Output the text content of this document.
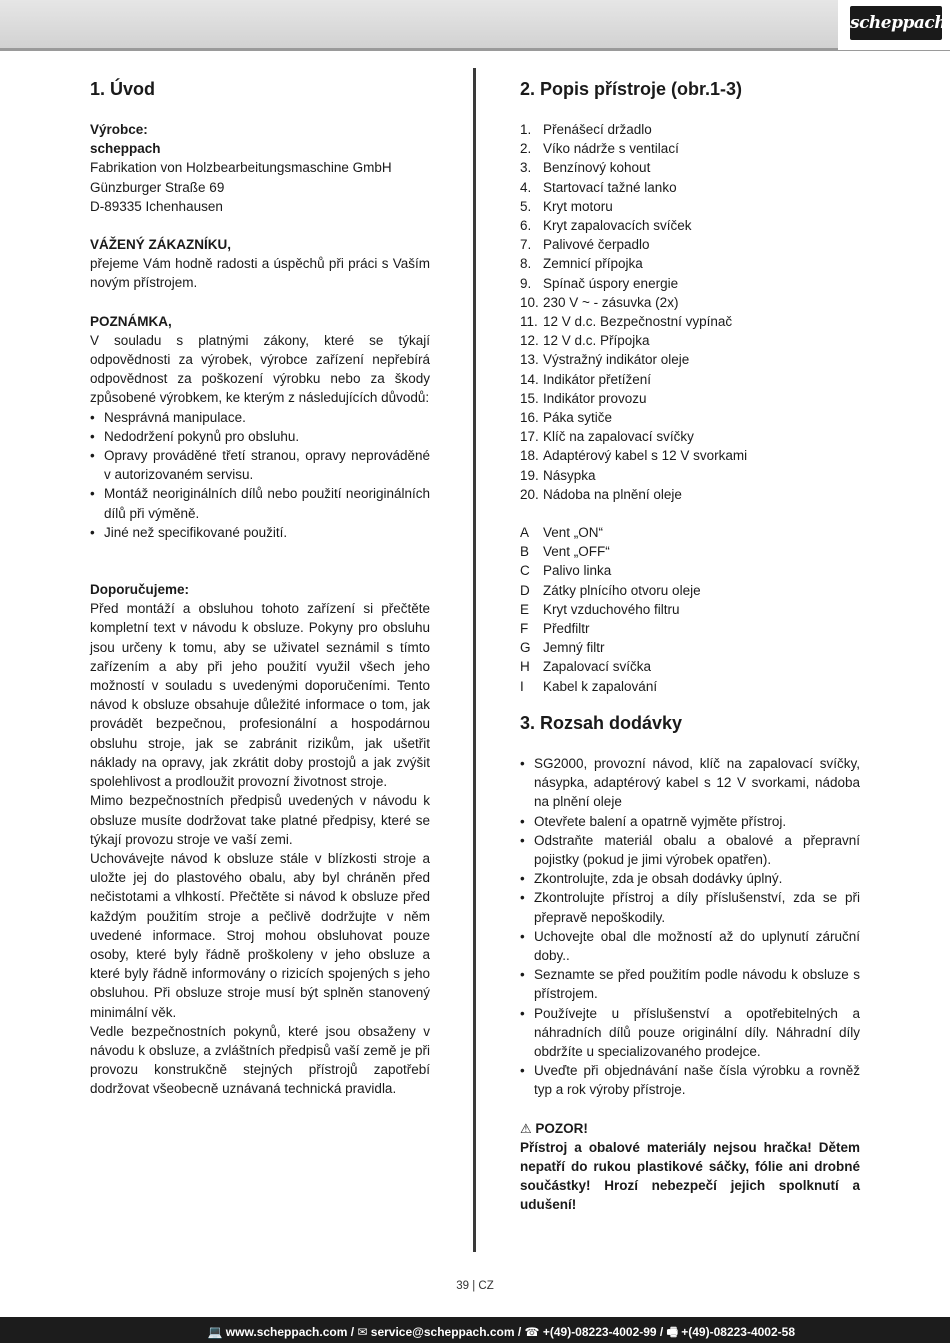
scheppach
1. Úvod

Výrobce:

scheppach

Fabrikation von Holzbearbeitungsmaschine GmbH

Günzburger Straße 69

D-89335 Ichenhausen

VÁŽENÝ ZÁKAZNÍKU,

přejeme Vám hodně radosti a úspěchů při práci s Vaším novým přístrojem.

POZNÁMKA,

V souladu s platnými zákony, které se týkají odpovědnosti za výrobek, výrobce zařízení nepřebírá odpovědnost za poškození výrobku nebo za škody způsobené výrobkem, ke kterým z následujících důvodů:

• Nesprávná manipulace.
• Nedodržení pokynů pro obsluhu.
• Opravy prováděné třetí stranou, opravy neprováděné v autorizovaném servisu.
• Montáž neoriginálních dílů nebo použití neoriginálních dílů při výměně.
• Jiné než specifikované použití.

Doporučujeme:

Před montáží a obsluhou tohoto zařízení si přečtěte kompletní text v návodu k obsluze. Pokyny pro obsluhu jsou určeny k tomu, aby se uživatel seznámil s tímto zařízením a aby při jeho použití využil všech jeho možností v souladu s uvedenými doporučeními. Tento návod k obsluze obsahuje důležité informace o tom, jak provádět bezpečnou, profesionální a hospodárnou obsluhu stroje, jak se zabránit rizikům, jak ušetřit náklady na opravy, jak zkrátit doby prostojů a jak zvýšit spolehlivost a prodloužit provozní životnost stroje.

Mimo bezpečnostních předpisů uvedených v návodu k obsluze musíte dodržovat take platné předpisy, které se týkají provozu stroje ve vaší zemi.

Uchovávejte návod k obsluze stále v blízkosti stroje a uložte jej do plastového obalu, aby byl chráněn před nečistotami a vlhkostí. Přečtěte si návod k obsluze před každým použitím stroje a pečlivě dodržujte v něm uvedené informace. Stroj mohou obsluhovat pouze osoby, které byly řádně proškoleny v jeho obsluze a které byly řádně informovány o rizicích spojených s jeho obsluhou. Při obsluze stroje musí být splněn stanovený minimální věk.

Vedle bezpečnostních pokynů, které jsou obsaženy v návodu k obsluze, a zvláštních předpisů vaší země je při provozu konstrukčně stejných přístrojů zapotřebí dodržovat všeobecně uznávaná technická pravidla.

2. Popis přístroje (obr.1-3)
1. Přenášecí držadlo
2. Víko nádrže s ventilací
3. Benzínový kohout
4. Startovací tažné lanko
5. Kryt motoru
6. Kryt zapalovacích svíček
7. Palivové čerpadlo
8. Zemnicí přípojka
9. Spínač úspory energie
10. 230 V ~ - zásuvka (2x)
11. 12 V d.c. Bezpečnostní vypínač
12. 12 V d.c. Přípojka
13. Výstražný indikátor oleje
14. Indikátor přetížení
15. Indikátor provozu
16. Páka sytiče
17. Klíč na zapalovací svíčky
18. Adaptérový kabel s 12 V svorkami
19. Násypka
20. Nádoba na plnění oleje
A	Vent „ON“
B	Vent „OFF“
C Palivo linka
D Zátky plnícího otvoru oleje
E	Kryt vzduchového filtru
F	Předfiltr
G Jemný filtr
H Zapalovací svíčka
I	Kabel k zapalování
3. Rozsah dodávky
• SG2000, provozní návod, klíč na zapalovací svíčky, násypka, adaptérový kabel s 12 V svorkami, nádoba na plnění oleje
• Otevřete balení a opatrně vyjměte přístroj.
• Odstraňte materiál obalu a obalové a přepravní pojistky (pokud je jimi výrobek opatřen).
• Zkontrolujte, zda je obsah dodávky úplný.
• Zkontrolujte přístroj a díly příslušenství, zda se při přepravě nepoškodily.
• Uchovejte obal dle možností až do uplynutí záruční doby..
• Seznamte se před použitím podle návodu k obsluze s přístrojem.
• Používejte u příslušenství a opotřebitelných a náhradních dílů pouze originální díly. Náhradní díly obdržíte u specializovaného prodejce.
• Uveďte při objednávání naše čísla výrobku a rovněž typ a rok výroby přístroje.

⚠ POZOR!

Přístroj a obalové materiály nejsou hračka! Dětem nepatří do rukou plastikové sáčky, fólie ani drobné součástky! Hrozí nebezpečí jejich spolknutí a udušení!

39 | CZ
💻 www.scheppach.com / ✉ service@scheppach.com / ☎ +(49)-08223-4002-99 / 🖷 +(49)-08223-4002-58
